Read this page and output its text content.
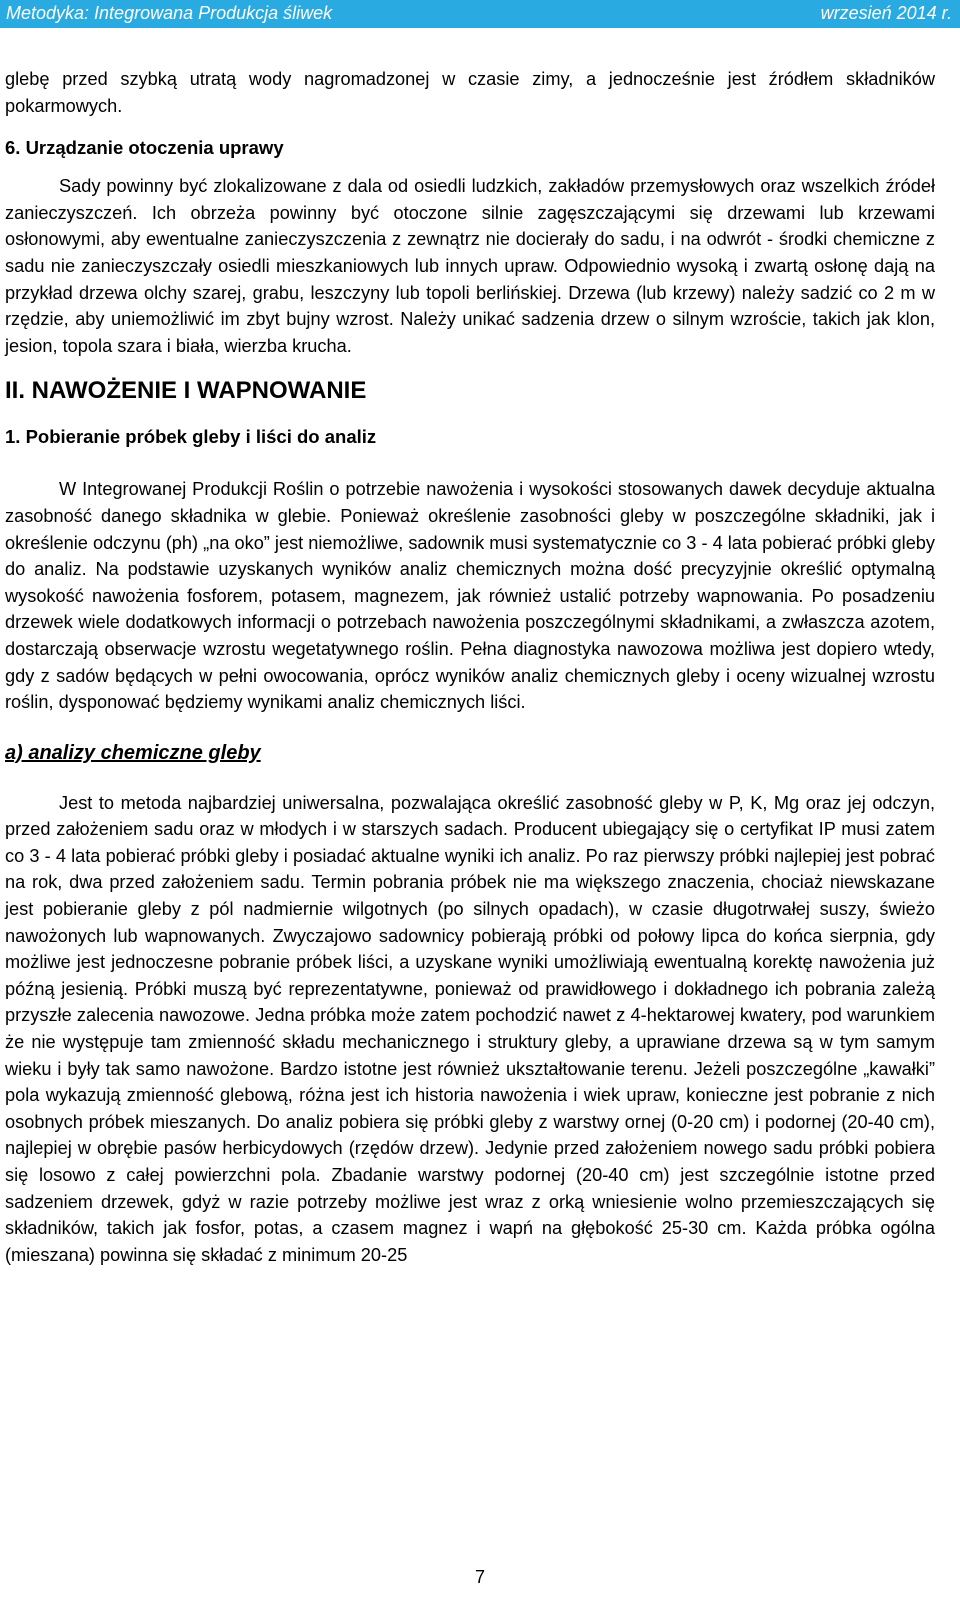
Metodyka: Integrowana Produkcja śliwek	wrzesień 2014 r.

glebę przed szybką utratą wody nagromadzonej w czasie zimy, a jednocześnie jest źródłem składników pokarmowych.

6. Urządzanie otoczenia uprawy

Sady powinny być zlokalizowane z dala od osiedli ludzkich, zakładów przemysłowych oraz wszelkich źródeł zanieczyszczeń. Ich obrzeża powinny być otoczone silnie zagęszczającymi się drzewami lub krzewami osłonowymi, aby ewentualne zanieczyszczenia z zewnątrz nie docierały do sadu, i na odwrót - środki chemiczne z sadu nie zanieczyszczały osiedli mieszkaniowych lub innych upraw. Odpowiednio wysoką i zwartą osłonę dają na przykład drzewa olchy szarej, grabu, leszczyny lub topoli berlińskiej. Drzewa (lub krzewy) należy sadzić co 2 m w rzędzie, aby uniemożliwić im zbyt bujny wzrost. Należy unikać sadzenia drzew o silnym wzroście, takich jak klon, jesion, topola szara i biała, wierzba krucha.

II. NAWOŻENIE I WAPNOWANIE
1. Pobieranie próbek gleby i liści do analiz

W Integrowanej Produkcji Roślin o potrzebie nawożenia i wysokości stosowanych dawek decyduje aktualna zasobność danego składnika w glebie. Ponieważ określenie zasobności gleby w poszczególne składniki, jak i określenie odczynu (ph) „na oko” jest niemożliwe, sadownik musi systematycznie co 3 - 4 lata pobierać próbki gleby do analiz. Na podstawie uzyskanych wyników analiz chemicznych można dość precyzyjnie określić optymalną wysokość nawożenia fosforem, potasem, magnezem, jak również ustalić potrzeby wapnowania. Po posadzeniu drzewek wiele dodatkowych informacji o potrzebach nawożenia poszczególnymi składnikami, a zwłaszcza azotem, dostarczają obserwacje wzrostu wegetatywnego roślin. Pełna diagnostyka nawozowa możliwa jest dopiero wtedy, gdy z sadów będących w pełni owocowania, oprócz wyników analiz chemicznych gleby i oceny wizualnej wzrostu roślin, dysponować będziemy wynikami analiz chemicznych liści.

a) analizy chemiczne gleby

Jest to metoda najbardziej uniwersalna, pozwalająca określić zasobność gleby w P, K, Mg oraz jej odczyn, przed założeniem sadu oraz w młodych i w starszych sadach. Producent ubiegający się o certyfikat IP musi zatem co 3 - 4 lata pobierać próbki gleby i posiadać aktualne wyniki ich analiz. Po raz pierwszy próbki najlepiej jest pobrać na rok, dwa przed założeniem sadu. Termin pobrania próbek nie ma większego znaczenia, chociaż niewskazane jest pobieranie gleby z pól nadmiernie wilgotnych (po silnych opadach), w czasie długotrwałej suszy, świeżo nawożonych lub wapnowanych. Zwyczajowo sadownicy pobierają próbki od połowy lipca do końca sierpnia, gdy możliwe jest jednoczesne pobranie próbek liści, a uzyskane wyniki umożliwiają ewentualną korektę nawożenia już późną jesienią. Próbki muszą być reprezentatywne, ponieważ od prawidłowego i dokładnego ich pobrania zależą przyszłe zalecenia nawozowe. Jedna próbka może zatem pochodzić nawet z 4-hektarowej kwatery, pod warunkiem że nie występuje tam zmienność składu mechanicznego i struktury gleby, a uprawiane drzewa są w tym samym wieku i były tak samo nawożone. Bardzo istotne jest również ukształtowanie terenu. Jeżeli poszczególne „kawałki” pola wykazują zmienność glebową, różna jest ich historia nawożenia i wiek upraw, konieczne jest pobranie z nich osobnych próbek mieszanych. Do analiz pobiera się próbki gleby z warstwy ornej (0-20 cm) i podornej (20-40 cm), najlepiej w obrębie pasów herbicydowych (rzędów drzew). Jedynie przed założeniem nowego sadu próbki pobiera się losowo z całej powierzchni pola. Zbadanie warstwy podornej (20-40 cm) jest szczególnie istotne przed sadzeniem drzewek, gdyż w razie potrzeby możliwe jest wraz z orką wniesienie wolno przemieszczających się składników, takich jak fosfor, potas, a czasem magnez i wapń na głębokość 25-30 cm. Każda próbka ogólna (mieszana) powinna się składać z minimum 20-25

7
